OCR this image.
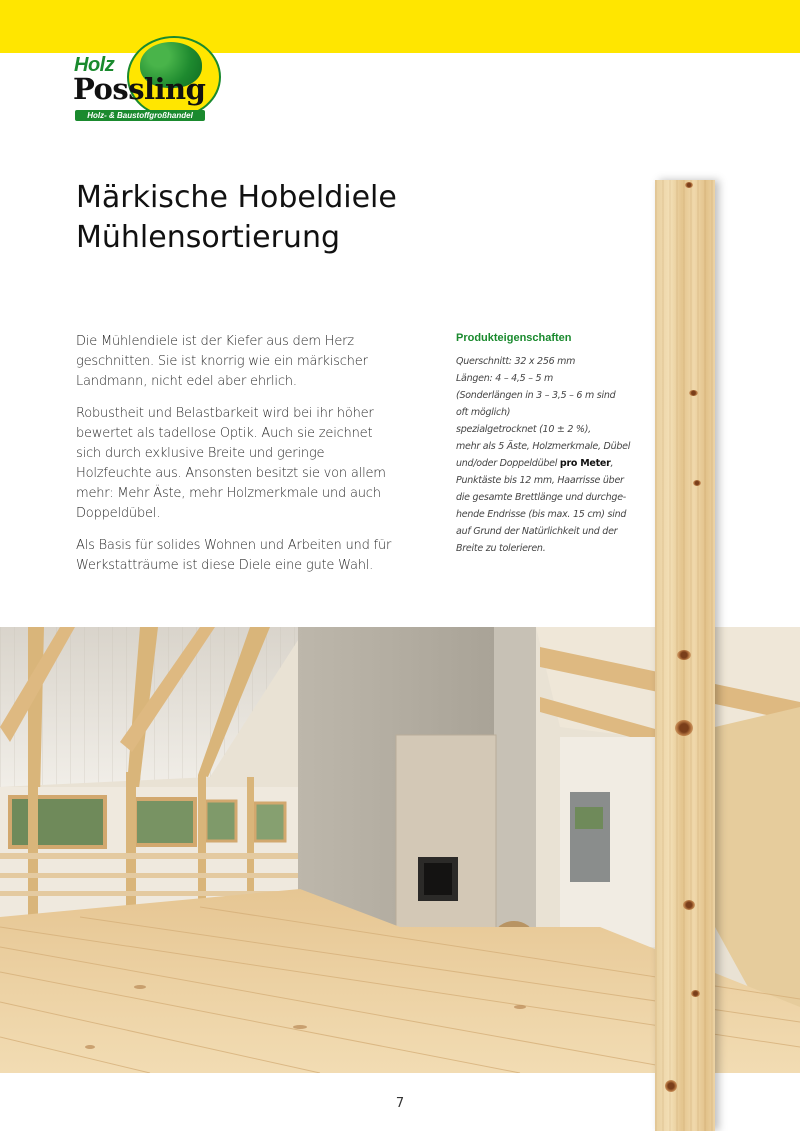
Holz
Possling
Holz- & Baustoffgroßhandel
Märkische Hobeldiele
Mühlensortierung

Die Mühlendiele ist der Kiefer aus dem Herz geschnitten. Sie ist knorrig wie ein märkischer Landmann, nicht edel aber ehrlich.

Robustheit und Belastbarkeit wird bei ihr höher bewertet als tadellose Optik. Auch sie zeichnet sich durch exklusive Breite und geringe Holzfeuchte aus. Ansonsten besitzt sie von allem mehr: Mehr Äste, mehr Holzmerkmale und auch Doppeldübel.

Als Basis für solides Wohnen und Arbeiten und für Werkstatträume ist diese Diele eine gute Wahl.

Produkteigenschaften
Querschnitt: 32 x 256 mm
Längen: 4 – 4,5 – 5 m
(Sonderlängen in 3 – 3,5 – 6 m sind
oft möglich)
spezialgetrocknet (10 ± 2 %),
mehr als 5 Äste, Holzmerkmale, Dübel
und/oder Doppeldübel pro Meter,
Punktäste bis 12 mm, Haarrisse über
die gesamte Brettlänge und durchge-
hende Endrisse (bis max. 15 cm) sind
auf Grund der Natürlichkeit und der
Breite zu tolerieren.
7
